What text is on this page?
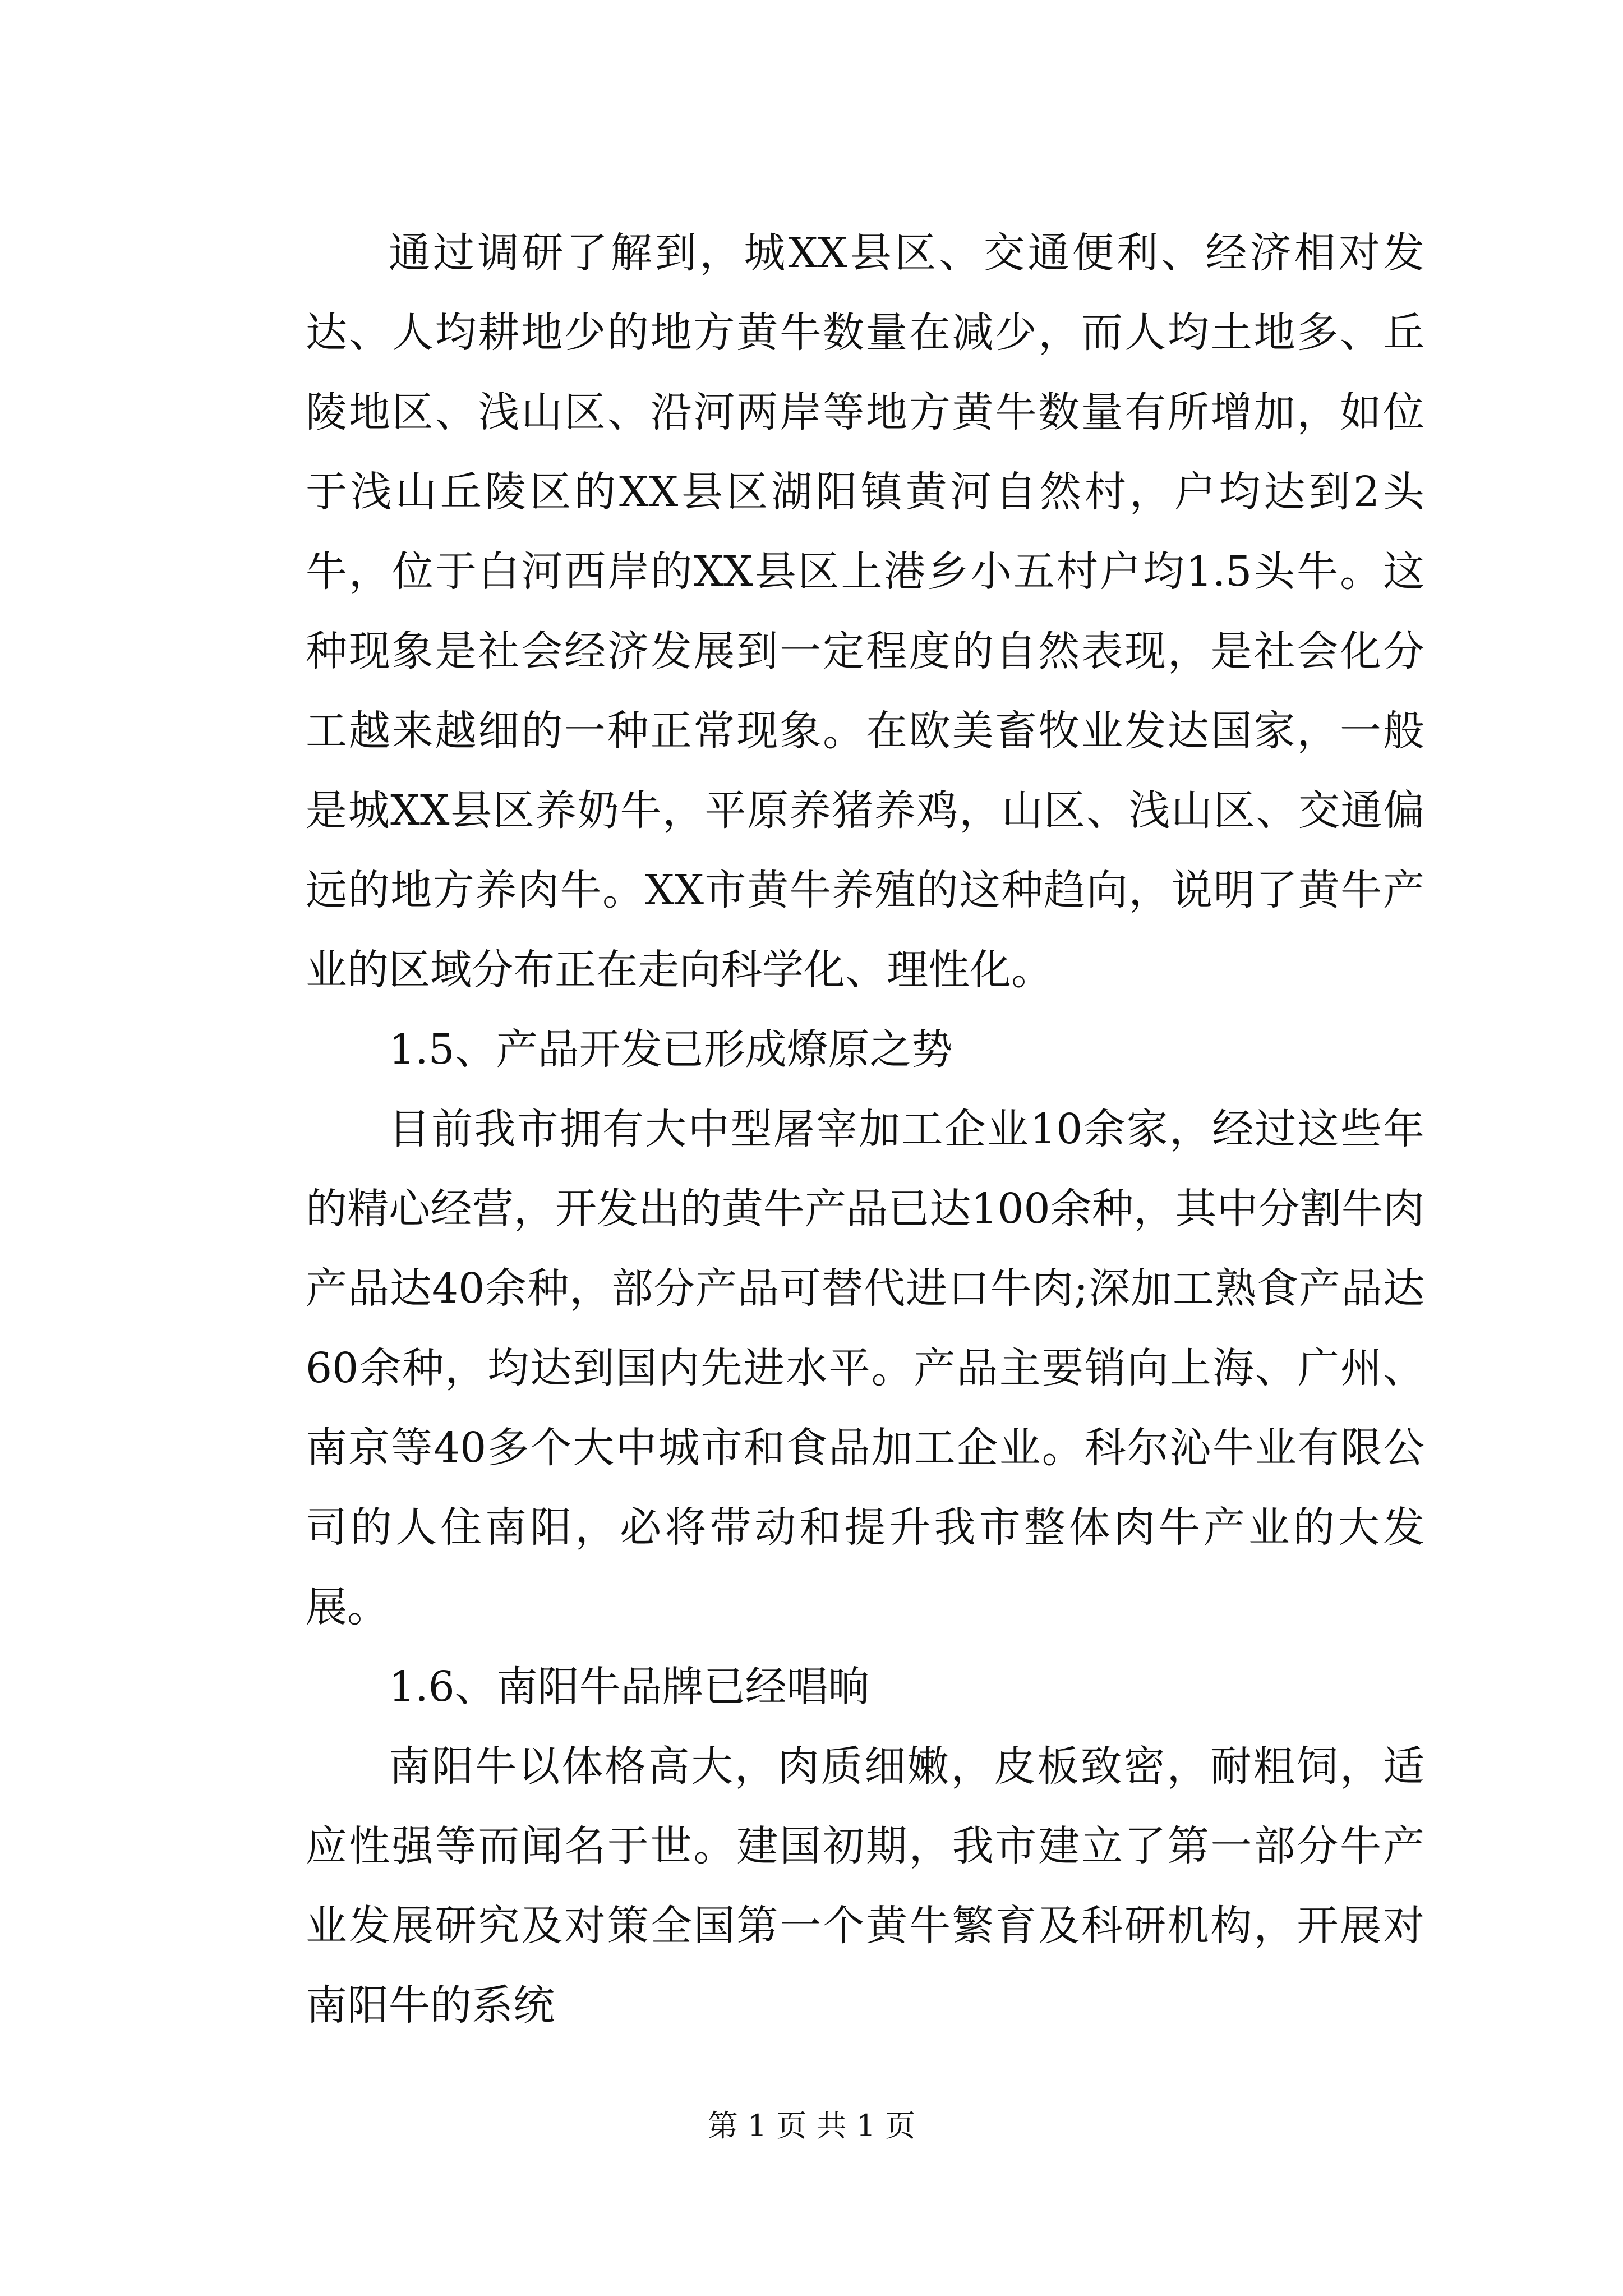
通过调研了解到，城XX县区、交通便利、经济相对发达、人均耕地少的地方黄牛数量在减少，而人均土地多、丘陵地区、浅山区、沿河两岸等地方黄牛数量有所增加，如位于浅山丘陵区的XX县区湖阳镇黄河自然村，户均达到2头牛，位于白河西岸的XX县区上港乡小五村户均1.5头牛。这种现象是社会经济发展到一定程度的自然表现，是社会化分工越来越细的一种正常现象。在欧美畜牧业发达国家，一般是城XX县区养奶牛，平原养猪养鸡，山区、浅山区、交通偏远的地方养肉牛。XX市黄牛养殖的这种趋向，说明了黄牛产业的区域分布正在走向科学化、理性化。

1.5、产品开发已形成燎原之势

目前我市拥有大中型屠宰加工企业10余家，经过这些年的精心经营，开发出的黄牛产品已达100余种，其中分割牛肉产品达40余种，部分产品可替代进口牛肉;深加工熟食产品达60余种，均达到国内先进水平。产品主要销向上海、广州、南京等40多个大中城市和食品加工企业。科尔沁牛业有限公司的人住南阳，必将带动和提升我市整体肉牛产业的大发展。

1.6、南阳牛品牌已经唱晌

南阳牛以体格高大，肉质细嫩，皮板致密，耐粗饲，适应性强等而闻名于世。建国初期，我市建立了第一部分牛产业发展研究及对策全国第一个黄牛繁育及科研机构，开展对南阳牛的系统

第 1 页 共 1 页
